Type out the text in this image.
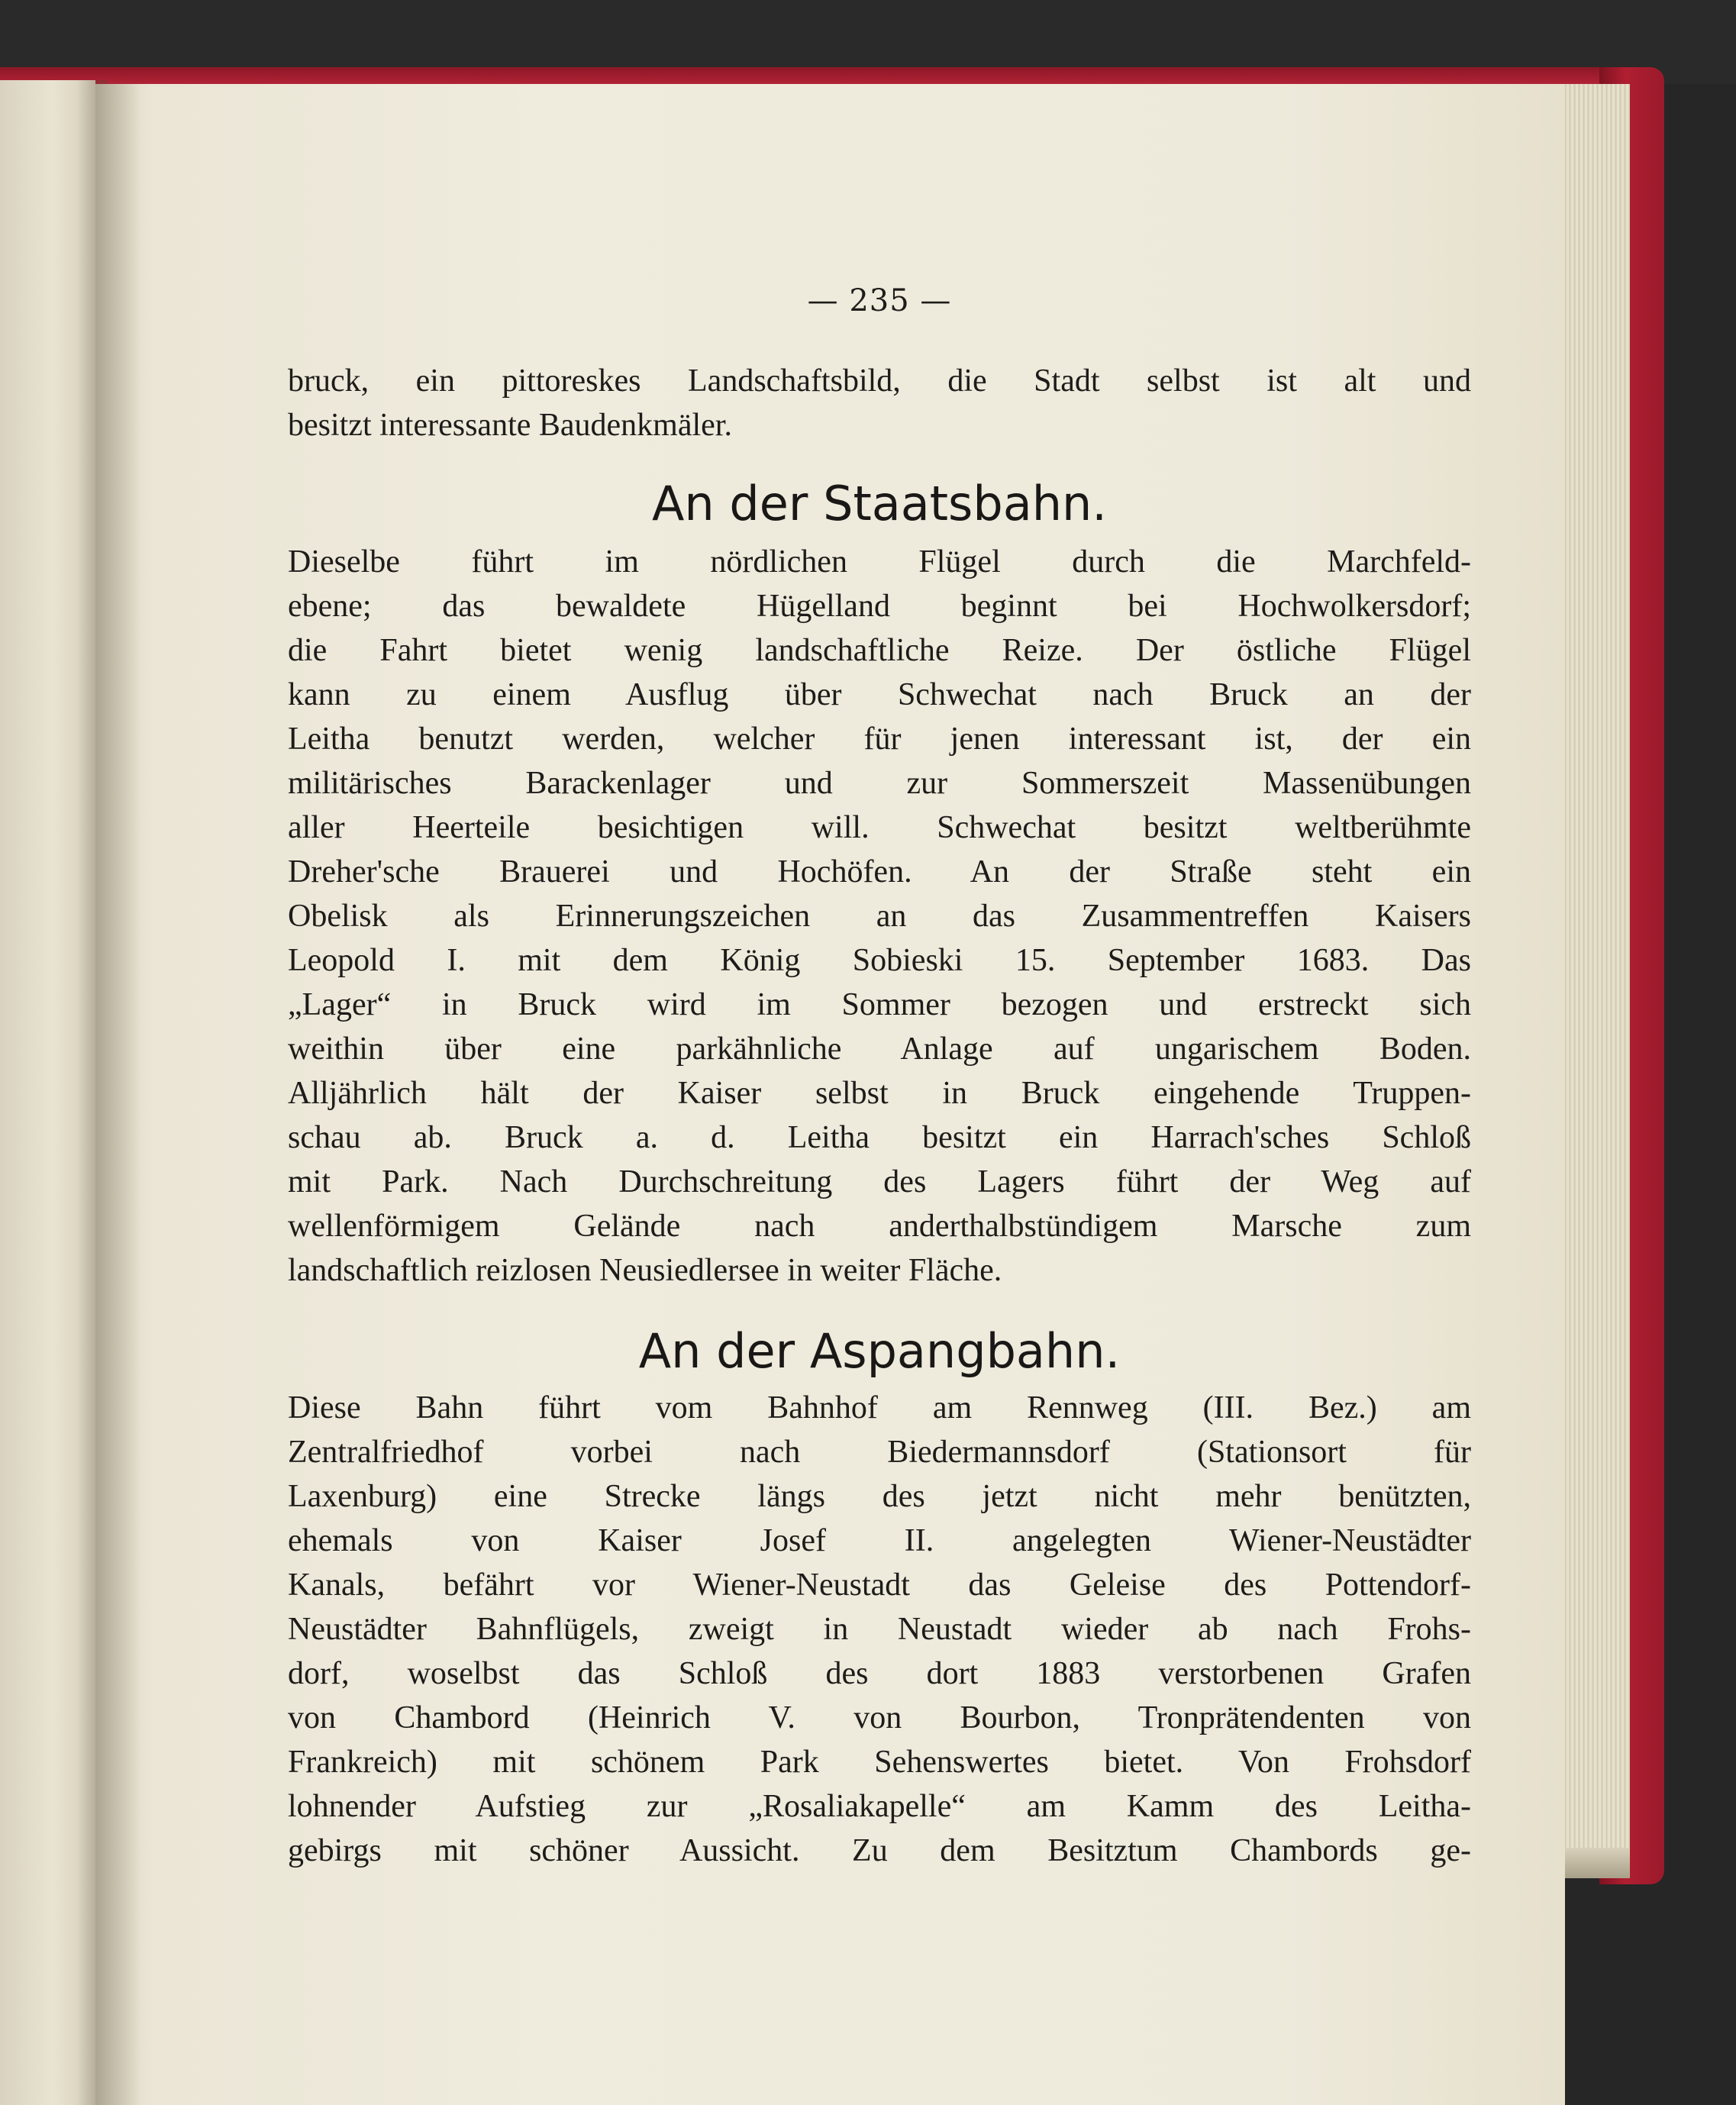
— 235 —
bruck, ein pittoreskes Landschaftsbild, die Stadt selbst ist alt und
besitzt interessante Baudenkmäler.
An der Staatsbahn.
Dieselbe führt im nördlichen Flügel durch die Marchfeld-
ebene; das bewaldete Hügelland beginnt bei Hochwolkersdorf;
die Fahrt bietet wenig landschaftliche Reize. Der östliche Flügel
kann zu einem Ausflug über Schwechat nach Bruck an der
Leitha benutzt werden, welcher für jenen interessant ist, der ein
militärisches Barackenlager und zur Sommerszeit Massenübungen
aller Heerteile besichtigen will. Schwechat besitzt weltberühmte
Dreher'sche Brauerei und Hochöfen. An der Straße steht ein
Obelisk als Erinnerungszeichen an das Zusammentreffen Kaisers
Leopold I. mit dem König Sobieski 15. September 1683. Das
„Lager“ in Bruck wird im Sommer bezogen und erstreckt sich
weithin über eine parkähnliche Anlage auf ungarischem Boden.
Alljährlich hält der Kaiser selbst in Bruck eingehende Truppen-
schau ab. Bruck a. d. Leitha besitzt ein Harrach'sches Schloß
mit Park. Nach Durchschreitung des Lagers führt der Weg auf
wellenförmigem Gelände nach anderthalbstündigem Marsche zum
landschaftlich reizlosen Neusiedlersee in weiter Fläche.
An der Aspangbahn.
Diese Bahn führt vom Bahnhof am Rennweg (III. Bez.) am
Zentralfriedhof vorbei nach Biedermannsdorf (Stationsort für
Laxenburg) eine Strecke längs des jetzt nicht mehr benützten,
ehemals von Kaiser Josef II. angelegten Wiener-Neustädter
Kanals, befährt vor Wiener-Neustadt das Geleise des Pottendorf-
Neustädter Bahnflügels, zweigt in Neustadt wieder ab nach Frohs-
dorf, woselbst das Schloß des dort 1883 verstorbenen Grafen
von Chambord (Heinrich V. von Bourbon, Tronprätendenten von
Frankreich) mit schönem Park Sehenswertes bietet. Von Frohsdorf
lohnender Aufstieg zur „Rosaliakapelle“ am Kamm des Leitha-
gebirgs mit schöner Aussicht. Zu dem Besitztum Chambords ge-
